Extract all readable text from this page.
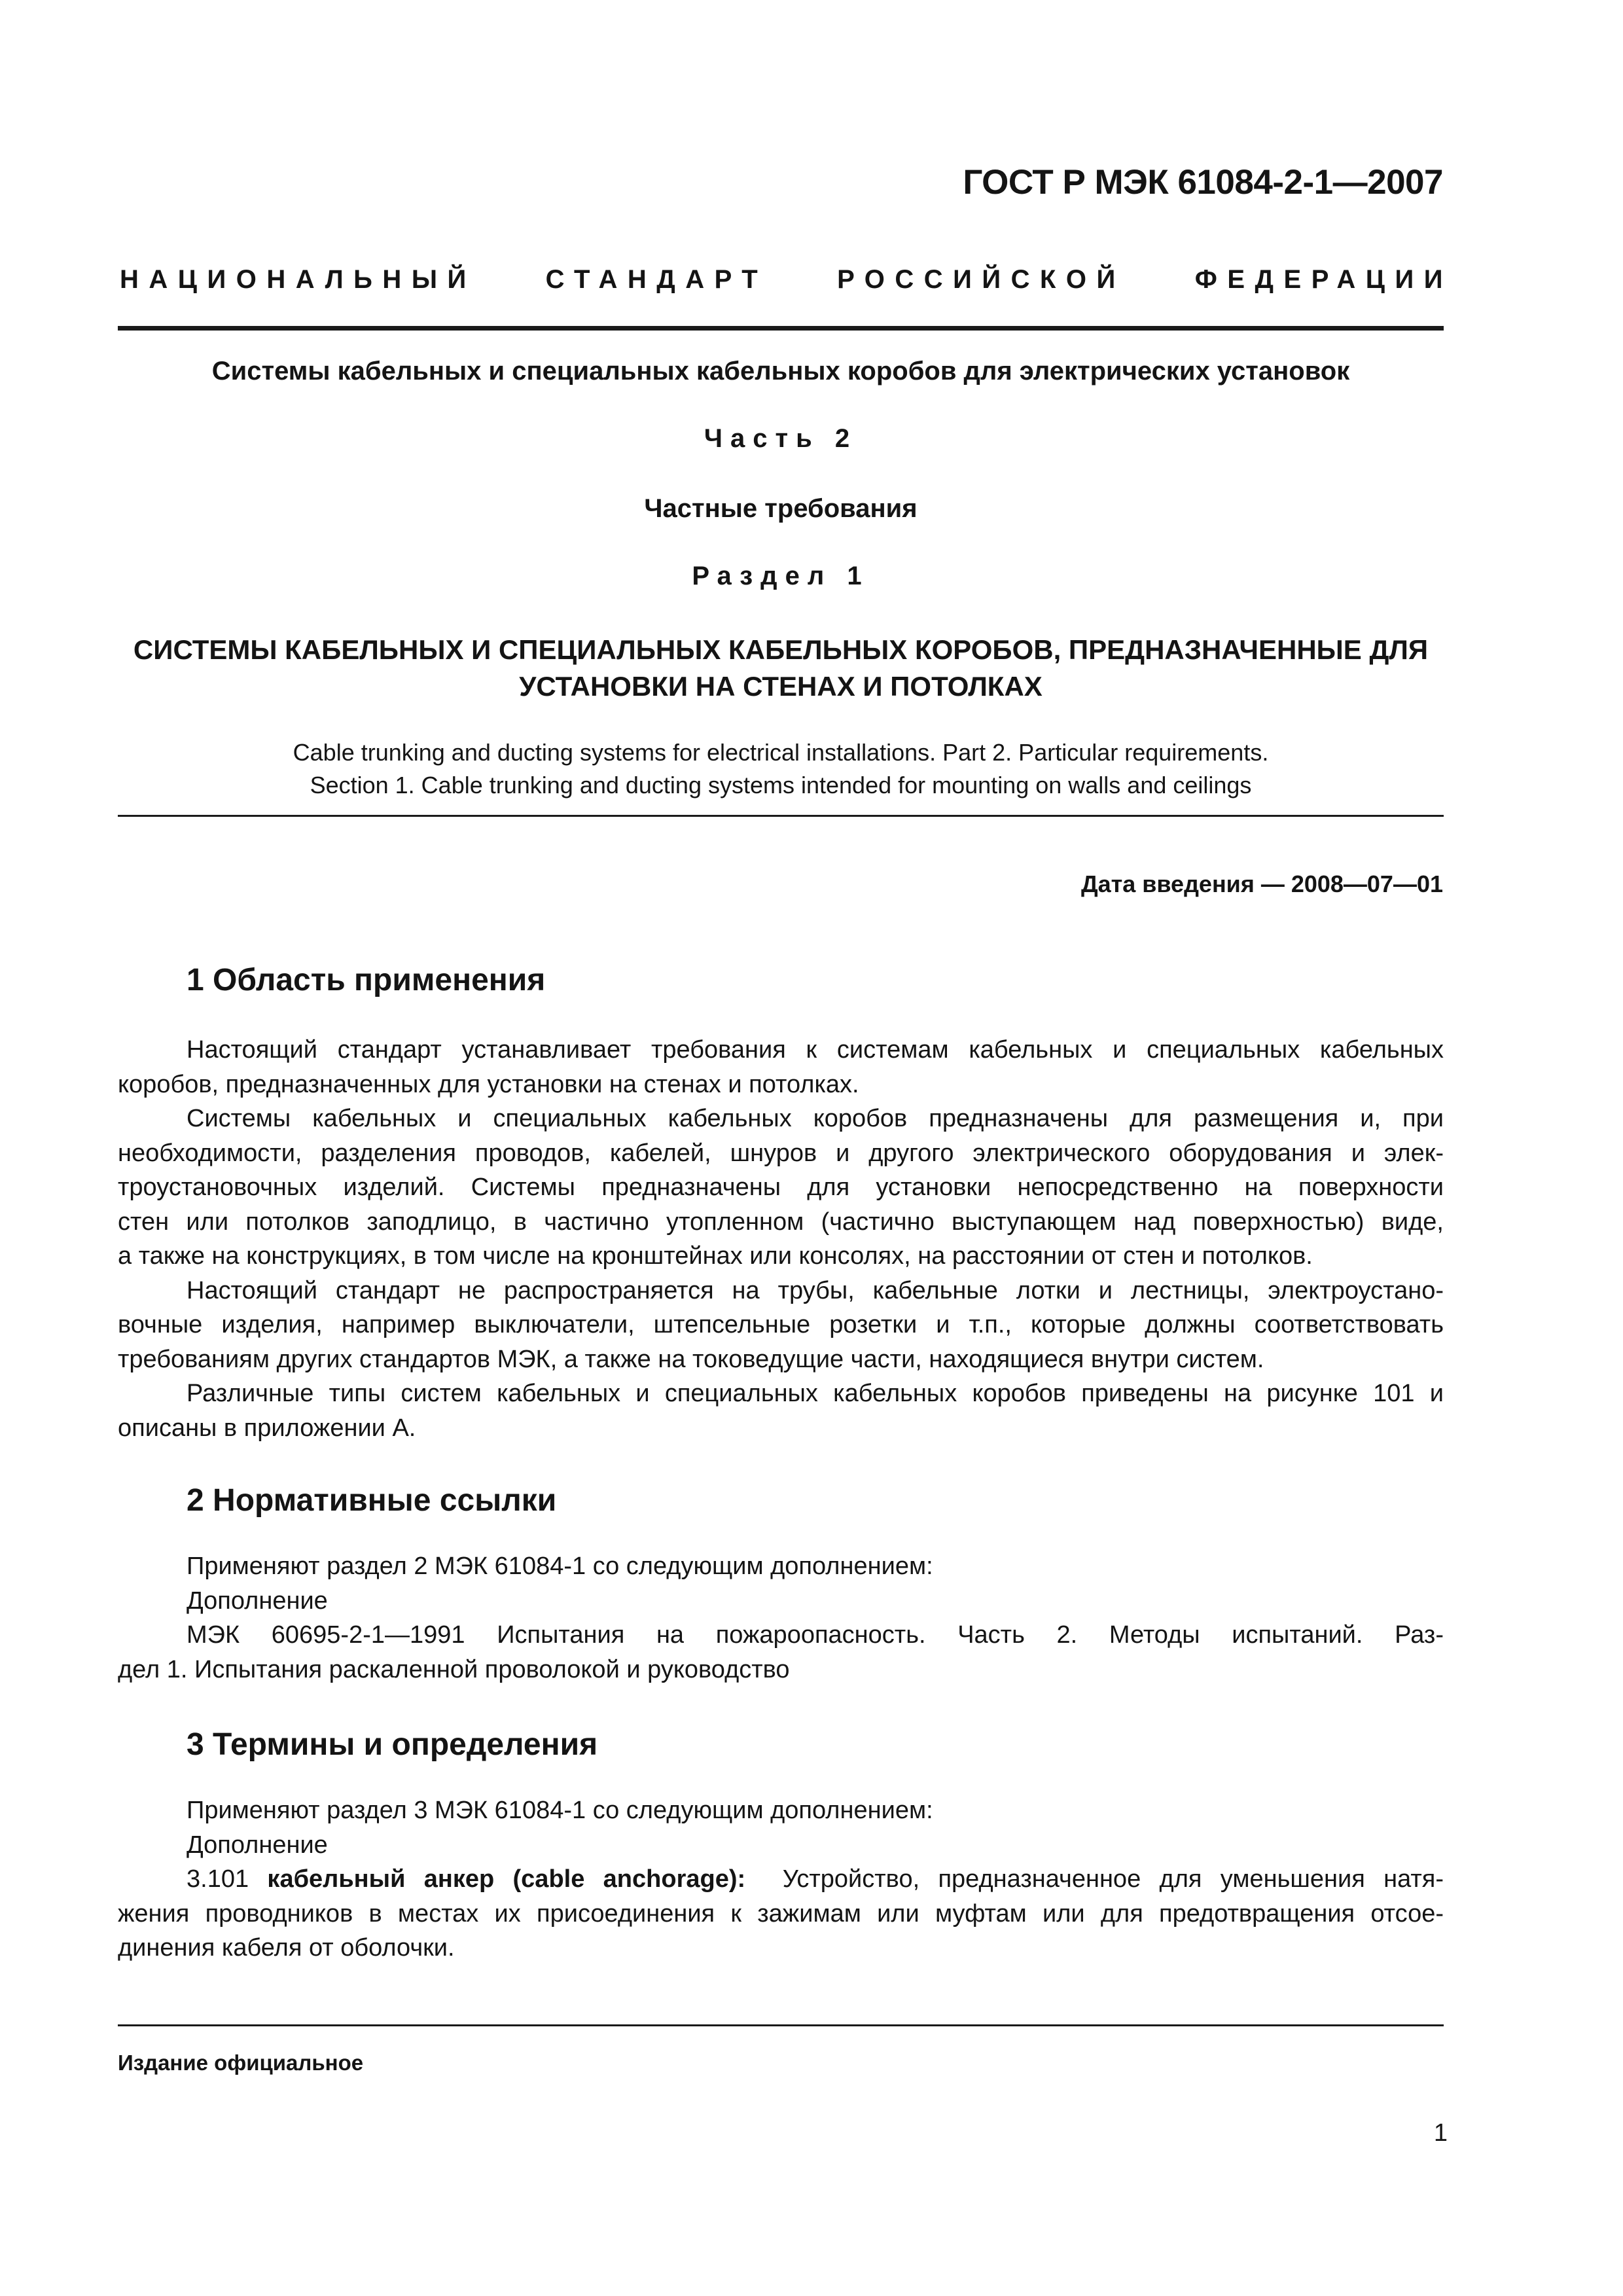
ГОСТ Р МЭК 61084-2-1—2007
НАЦИОНАЛЬНЫЙ	СТАНДАРТ	РОССИЙСКОЙ	ФЕДЕРАЦИИ
Системы кабельных и специальных кабельных коробов для электрических установок
Часть 2
Частные требования
Раздел 1
СИСТЕМЫ КАБЕЛЬНЫХ И СПЕЦИАЛЬНЫХ КАБЕЛЬНЫХ КОРОБОВ, ПРЕДНАЗНАЧЕННЫЕ ДЛЯ
УСТАНОВКИ НА СТЕНАХ И ПОТОЛКАХ
Cable trunking and ducting systems for electrical installations. Part 2. Particular requirements.
Section 1. Cable trunking and ducting systems intended for mounting on walls and ceilings
Дата введения — 2008—07—01
1 Область применения
Настоящий стандарт устанавливает требования к системам кабельных и специальных кабельных
коробов, предназначенных для установки на стенах и потолках.
Системы кабельных и специальных кабельных коробов предназначены для размещения и, при
необходимости, разделения проводов, кабелей, шнуров и другого электрического оборудования и элек-
троустановочных изделий. Системы предназначены для установки непосредственно на поверхности
стен или потолков заподлицо, в частично утопленном (частично выступающем над поверхностью) виде,
а также на конструкциях, в том числе на кронштейнах или консолях, на расстоянии от стен и потолков.
Настоящий стандарт не распространяется на трубы, кабельные лотки и лестницы, электроустано-
вочные изделия, например выключатели, штепсельные розетки и т.п., которые должны соответствовать
требованиям других стандартов МЭК, а также на токоведущие части, находящиеся внутри систем.
Различные типы систем кабельных и специальных кабельных коробов приведены на рисунке 101 и
описаны в приложении А.
2 Нормативные ссылки
Применяют раздел 2 МЭК 61084-1 со следующим дополнением:
Дополнение
МЭК 60695-2-1—1991 Испытания на пожароопасность. Часть 2. Методы испытаний. Раз-
дел 1. Испытания раскаленной проволокой и руководство
3 Термины и определения
Применяют раздел 3 МЭК 61084-1 со следующим дополнением:
Дополнение
3.101 кабельный анкер (cable anchorage):  Устройство, предназначенное для уменьшения натя-
жения проводников в местах их присоединения к зажимам или муфтам или для предотвращения отсое-
динения кабеля от оболочки.
Издание официальное
1
